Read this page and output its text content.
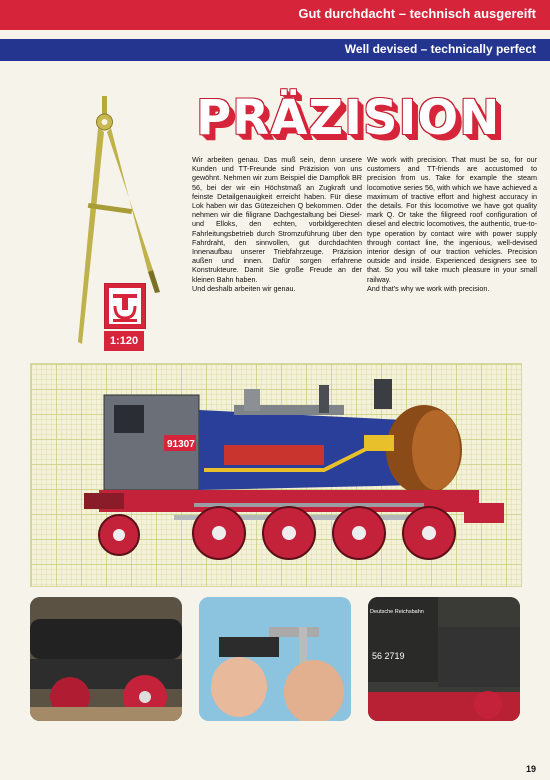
Gut durchdacht – technisch ausgereift
Well devised – technically perfect
PRÄZISION
1:120

Wir arbeiten genau. Das muß sein, denn unsere Kunden und TT-Freunde sind Präzision von uns gewöhnt. Nehmen wir zum Beispiel die Dampflok BR 56, bei der wir ein Höchstmaß an Zugkraft und feinste Detailgenauigkeit erreicht haben. Für diese Lok haben wir das Gütezeichen Q bekommen. Oder nehmen wir die filigrane Dachgestaltung bei Diesel- und Elloks, den echten, vorbildgerechten Fahrleitungsbetrieb durch Stromzuführung über den Fahrdraht, den sinnvollen, gut durchdachten Innenaufbau unserer Triebfahrzeuge. Präzision außen und innen. Dafür sorgen erfahrene Konstrukteure. Damit Sie große Freude an der kleinen Bahn haben.

Und deshalb arbeiten wir genau.

We work with precision. That must be so, for our customers and TT-friends are accustomed to precision from us. Take for example the steam locomotive series 56, with which we have achieved a maximum of tractive effort and highest accuracy in the details. For this locomotive we have got quality mark Q. Or take the filigreed roof configuration of diesel and electric locomotives, the authentic, true-to-type operation by contact wire with power supply through contact line, the ingenious, well-devised interior design of our traction vehicles. Precision outside and inside. Experienced designers see to that. So you will take much pleasure in your small railway.

And that's why we work with precision.

91307
Deutsche Reichsbahn
56 2719
19
